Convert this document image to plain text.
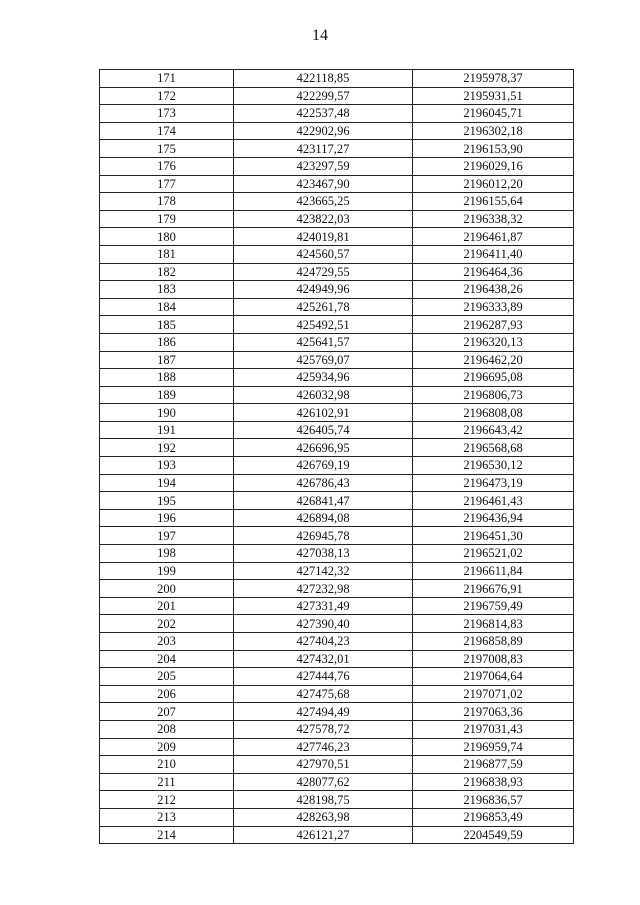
14
171	422118,85	2195978,37
172	422299,57	2195931,51
173	422537,48	2196045,71
174	422902,96	2196302,18
175	423117,27	2196153,90
176	423297,59	2196029,16
177	423467,90	2196012,20
178	423665,25	2196155,64
179	423822,03	2196338,32
180	424019,81	2196461,87
181	424560,57	2196411,40
182	424729,55	2196464,36
183	424949,96	2196438,26
184	425261,78	2196333,89
185	425492,51	2196287,93
186	425641,57	2196320,13
187	425769,07	2196462,20
188	425934,96	2196695,08
189	426032,98	2196806,73
190	426102,91	2196808,08
191	426405,74	2196643,42
192	426696,95	2196568,68
193	426769,19	2196530,12
194	426786,43	2196473,19
195	426841,47	2196461,43
196	426894,08	2196436,94
197	426945,78	2196451,30
198	427038,13	2196521,02
199	427142,32	2196611,84
200	427232,98	2196676,91
201	427331,49	2196759,49
202	427390,40	2196814,83
203	427404,23	2196858,89
204	427432,01	2197008,83
205	427444,76	2197064,64
206	427475,68	2197071,02
207	427494,49	2197063,36
208	427578,72	2197031,43
209	427746,23	2196959,74
210	427970,51	2196877,59
211	428077,62	2196838,93
212	428198,75	2196836,57
213	428263,98	2196853,49
214	426121,27	2204549,59
